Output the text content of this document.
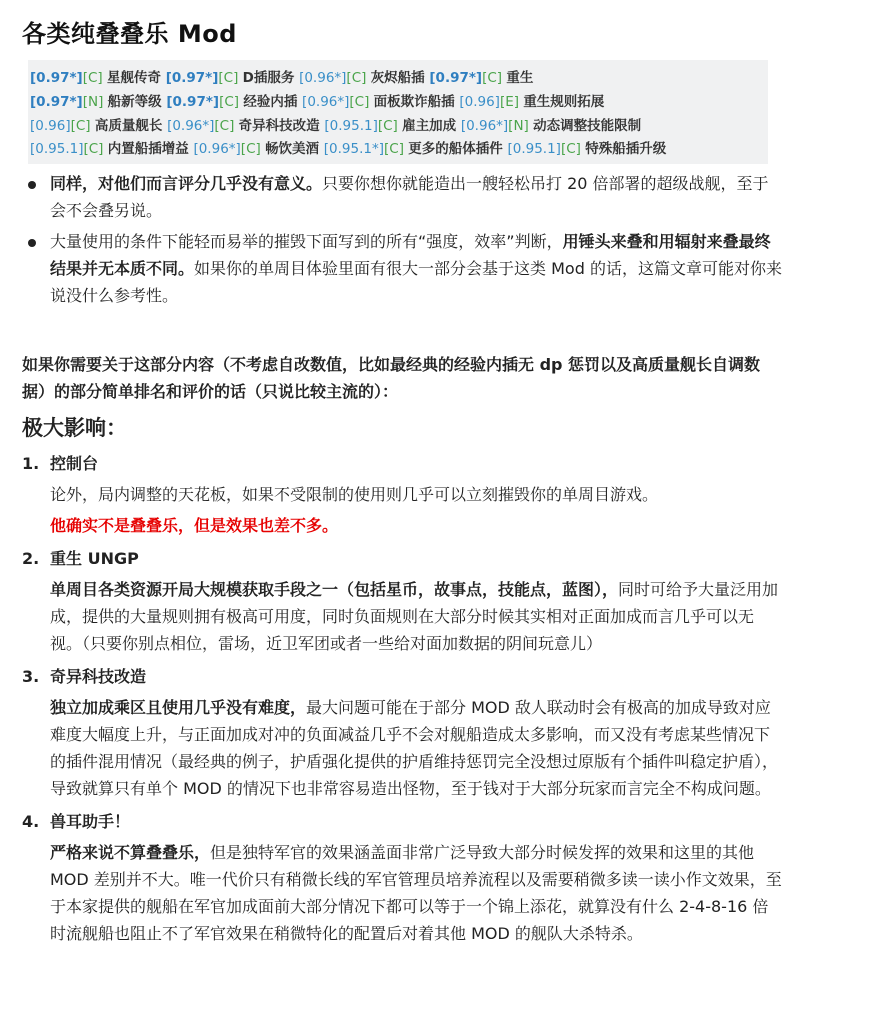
各类纯叠叠乐 Mod
[0.97*][C] 星舰传奇 [0.97*][C] D插服务 [0.96*][C] 灰烬船插 [0.97*][C] 重生
[0.97*][N] 船新等级 [0.97*][C] 经验内插 [0.96*][C] 面板欺诈船插 [0.96][E] 重生规则拓展
[0.96][C] 高质量舰长 [0.96*][C] 奇异科技改造 [0.95.1][C] 雇主加成 [0.96*][N] 动态调整技能限制
[0.95.1][C] 内置船插增益 [0.96*][C] 畅饮美酒 [0.95.1*][C] 更多的船体插件 [0.95.1][C] 特殊船插升级
同样，对他们而言评分几乎没有意义。只要你想你就能造出一艘轻松吊打 20 倍部署的超级战舰，至于会不会叠另说。
大量使用的条件下能轻而易举的摧毁下面写到的所有“强度，效率”判断，用锤头来叠和用辐射来叠最终结果并无本质不同。如果你的单周目体验里面有很大一部分会基于这类 Mod 的话，这篇文章可能对你来说没什么参考性。
如果你需要关于这部分内容（不考虑自改数值，比如最经典的经验内插无 dp 惩罚以及高质量舰长自调数据）的部分简单排名和评价的话（只说比较主流的）：
极大影响：
1. 控制台
论外，局内调整的天花板，如果不受限制的使用则几乎可以立刻摧毁你的单周目游戏。
他确实不是叠叠乐，但是效果也差不多。
2. 重生 UNGP
单周目各类资源开局大规模获取手段之一（包括星币，故事点，技能点，蓝图），同时可给予大量泛用加成，提供的大量规则拥有极高可用度，同时负面规则在大部分时候其实相对正面加成而言几乎可以无视。（只要你别点相位，雷场，近卫军团或者一些给对面加数据的阴间玩意儿）
3. 奇异科技改造
独立加成乘区且使用几乎没有难度，最大问题可能在于部分 MOD 敌人联动时会有极高的加成导致对应难度大幅度上升，与正面加成对冲的负面减益几乎不会对舰船造成太多影响，而又没有考虑某些情况下的插件混用情况（最经典的例子，护盾强化提供的护盾维持惩罚完全没想过原版有个插件叫稳定护盾），导致就算只有单个 MOD 的情况下也非常容易造出怪物，至于钱对于大部分玩家而言完全不构成问题。
4. 兽耳助手！
严格来说不算叠叠乐，但是独特军官的效果涵盖面非常广泛导致大部分时候发挥的效果和这里的其他 MOD 差别并不大。唯一代价只有稍微长线的军官管理员培养流程以及需要稍微多读一读小作文效果，至于本家提供的舰船在军官加成面前大部分情况下都可以等于一个锦上添花，就算没有什么 2-4-8-16 倍时流舰船也阻止不了军官效果在稍微特化的配置后对着其他 MOD 的舰队大杀特杀。
